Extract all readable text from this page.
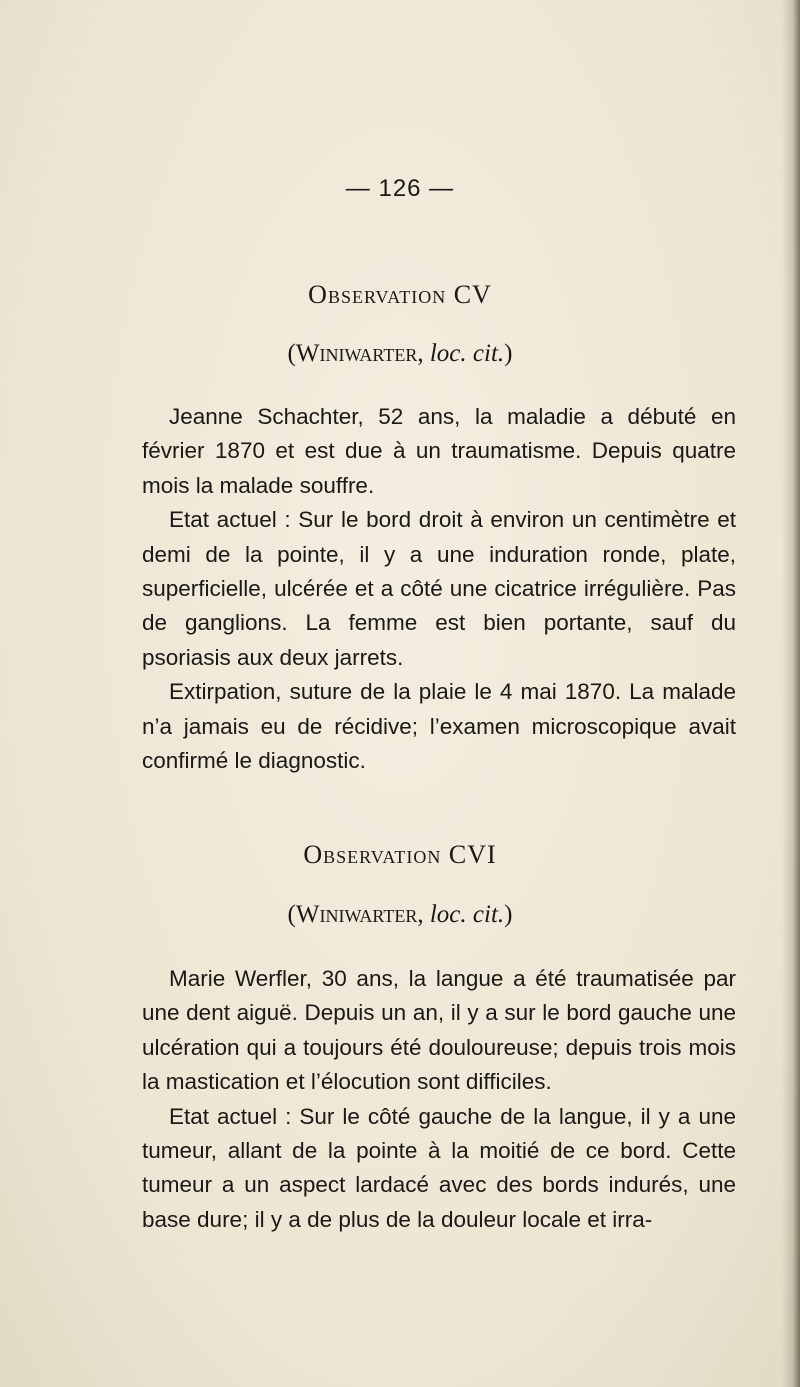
— 126 —
Observation CV
(Winiwarter, loc. cit.)

Jeanne Schachter, 52 ans, la maladie a débuté en février 1870 et est due à un traumatisme. Depuis quatre mois la malade souffre.

Etat actuel : Sur le bord droit à environ un centimètre et demi de la pointe, il y a une induration ronde, plate, superficielle, ulcérée et a côté une cicatrice irrégulière. Pas de ganglions. La femme est bien portante, sauf du psoriasis aux deux jarrets.

Extirpation, suture de la plaie le 4 mai 1870. La malade n’a jamais eu de récidive; l’examen microscopique avait confirmé le diagnostic.

Observation CVI
(Winiwarter, loc. cit.)

Marie Werfler, 30 ans, la langue a été traumatisée par une dent aiguë. Depuis un an, il y a sur le bord gauche une ulcération qui a toujours été douloureuse; depuis trois mois la mastication et l’élocution sont difficiles.

Etat actuel : Sur le côté gauche de la langue, il y a une tumeur, allant de la pointe à la moitié de ce bord. Cette tumeur a un aspect lardacé avec des bords indurés, une base dure; il y a de plus de la douleur locale et irra-
